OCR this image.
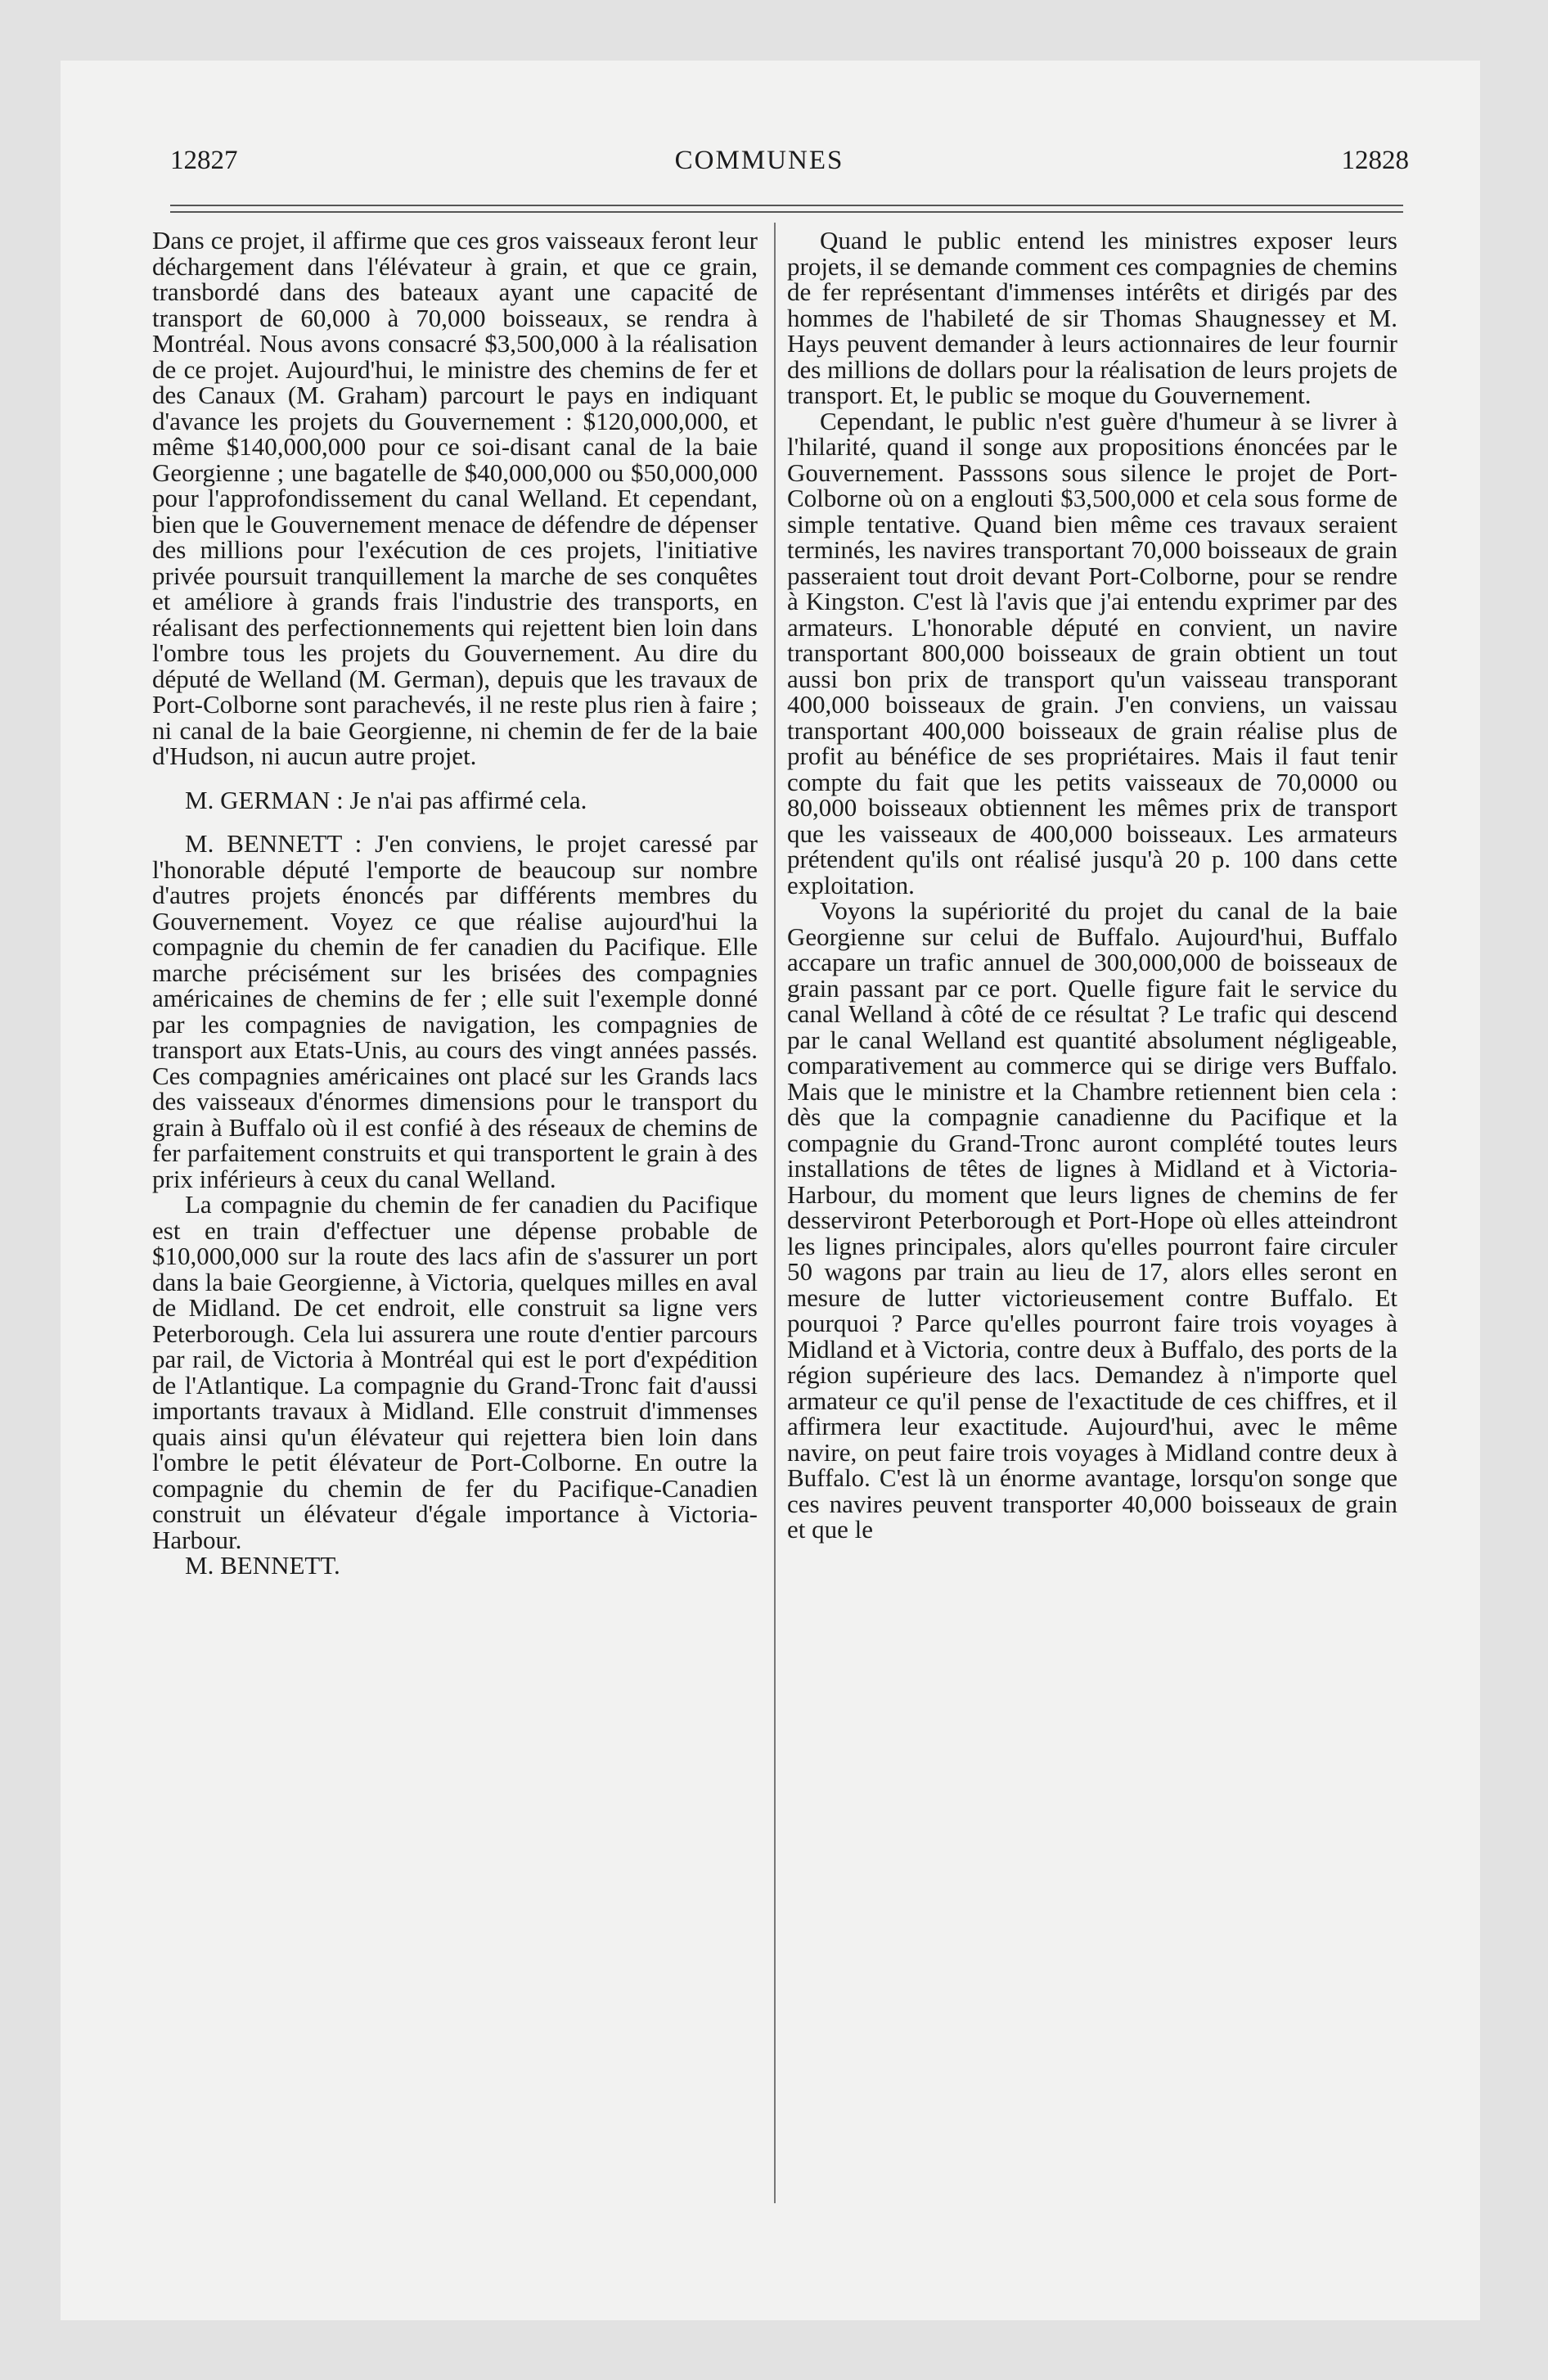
12827	COMMUNES	12828

Dans ce projet, il affirme que ces gros vaisseaux feront leur déchargement dans l'élévateur à grain, et que ce grain, transbordé dans des bateaux ayant une capacité de transport de 60,000 à 70,000 boisseaux, se rendra à Montréal. Nous avons consacré $3,500,000 à la réalisation de ce projet. Aujourd'hui, le ministre des chemins de fer et des Canaux (M. Graham) parcourt le pays en indiquant d'avance les projets du Gouvernement : $120,000,000, et même $140,000,000 pour ce soi-disant canal de la baie Georgienne ; une bagatelle de $40,000,000 ou $50,000,000 pour l'approfondissement du canal Welland. Et cependant, bien que le Gouvernement menace de défendre de dépenser des millions pour l'exécution de ces projets, l'initiative privée poursuit tranquillement la marche de ses conquêtes et améliore à grands frais l'industrie des transports, en réalisant des perfectionnements qui rejettent bien loin dans l'ombre tous les projets du Gouvernement. Au dire du député de Welland (M. German), depuis que les travaux de Port-Colborne sont parachevés, il ne reste plus rien à faire ; ni canal de la baie Georgienne, ni chemin de fer de la baie d'Hudson, ni aucun autre projet.

M. GERMAN : Je n'ai pas affirmé cela.

M. BENNETT : J'en conviens, le projet caressé par l'honorable député l'emporte de beaucoup sur nombre d'autres projets énoncés par différents membres du Gouvernement. Voyez ce que réalise aujourd'hui la compagnie du chemin de fer canadien du Pacifique. Elle marche précisément sur les brisées des compagnies américaines de chemins de fer ; elle suit l'exemple donné par les compagnies de navigation, les compagnies de transport aux Etats-Unis, au cours des vingt années passés. Ces compagnies américaines ont placé sur les Grands lacs des vaisseaux d'énormes dimensions pour le transport du grain à Buffalo où il est confié à des réseaux de chemins de fer parfaitement construits et qui transportent le grain à des prix inférieurs à ceux du canal Welland.

La compagnie du chemin de fer canadien du Pacifique est en train d'effectuer une dépense probable de $10,000,000 sur la route des lacs afin de s'assurer un port dans la baie Georgienne, à Victoria, quelques milles en aval de Midland. De cet endroit, elle construit sa ligne vers Peterborough. Cela lui assurera une route d'entier parcours par rail, de Victoria à Montréal qui est le port d'expédition de l'Atlantique. La compagnie du Grand-Tronc fait d'aussi importants travaux à Midland. Elle construit d'immenses quais ainsi qu'un élévateur qui rejettera bien loin dans l'ombre le petit élévateur de Port-Colborne. En outre la compagnie du chemin de fer du Pacifique-Canadien construit un élévateur d'égale importance à Victoria-Harbour.

M. BENNETT.

Quand le public entend les ministres exposer leurs projets, il se demande comment ces compagnies de chemins de fer représentant d'immenses intérêts et dirigés par des hommes de l'habileté de sir Thomas Shaugnessey et M. Hays peuvent demander à leurs actionnaires de leur fournir des millions de dollars pour la réalisation de leurs projets de transport. Et, le public se moque du Gouvernement.

Cependant, le public n'est guère d'humeur à se livrer à l'hilarité, quand il songe aux propositions énoncées par le Gouvernement. Passsons sous silence le projet de Port-Colborne où on a englouti $3,500,000 et cela sous forme de simple tentative. Quand bien même ces travaux seraient terminés, les navires transportant 70,000 boisseaux de grain passeraient tout droit devant Port-Colborne, pour se rendre à Kingston. C'est là l'avis que j'ai entendu exprimer par des armateurs. L'honorable député en convient, un navire transportant 800,000 boisseaux de grain obtient un tout aussi bon prix de transport qu'un vaisseau transporant 400,000 boisseaux de grain. J'en conviens, un vaissau transportant 400,000 boisseaux de grain réalise plus de profit au bénéfice de ses propriétaires. Mais il faut tenir compte du fait que les petits vaisseaux de 70,0000 ou 80,000 boisseaux obtiennent les mêmes prix de transport que les vaisseaux de 400,000 boisseaux. Les armateurs prétendent qu'ils ont réalisé jusqu'à 20 p. 100 dans cette exploitation.

Voyons la supériorité du projet du canal de la baie Georgienne sur celui de Buffalo. Aujourd'hui, Buffalo accapare un trafic annuel de 300,000,000 de boisseaux de grain passant par ce port. Quelle figure fait le service du canal Welland à côté de ce résultat ? Le trafic qui descend par le canal Welland est quantité absolument négligeable, comparativement au commerce qui se dirige vers Buffalo. Mais que le ministre et la Chambre retiennent bien cela : dès que la compagnie canadienne du Pacifique et la compagnie du Grand-Tronc auront complété toutes leurs installations de têtes de lignes à Midland et à Victoria-Harbour, du moment que leurs lignes de chemins de fer desserviront Peterborough et Port-Hope où elles atteindront les lignes principales, alors qu'elles pourront faire circuler 50 wagons par train au lieu de 17, alors elles seront en mesure de lutter victorieusement contre Buffalo. Et pourquoi ? Parce qu'elles pourront faire trois voyages à Midland et à Victoria, contre deux à Buffalo, des ports de la région supérieure des lacs. Demandez à n'importe quel armateur ce qu'il pense de l'exactitude de ces chiffres, et il affirmera leur exactitude. Aujourd'hui, avec le même navire, on peut faire trois voyages à Midland contre deux à Buffalo. C'est là un énorme avantage, lorsqu'on songe que ces navires peuvent transporter 40,000 boisseaux de grain et que le
